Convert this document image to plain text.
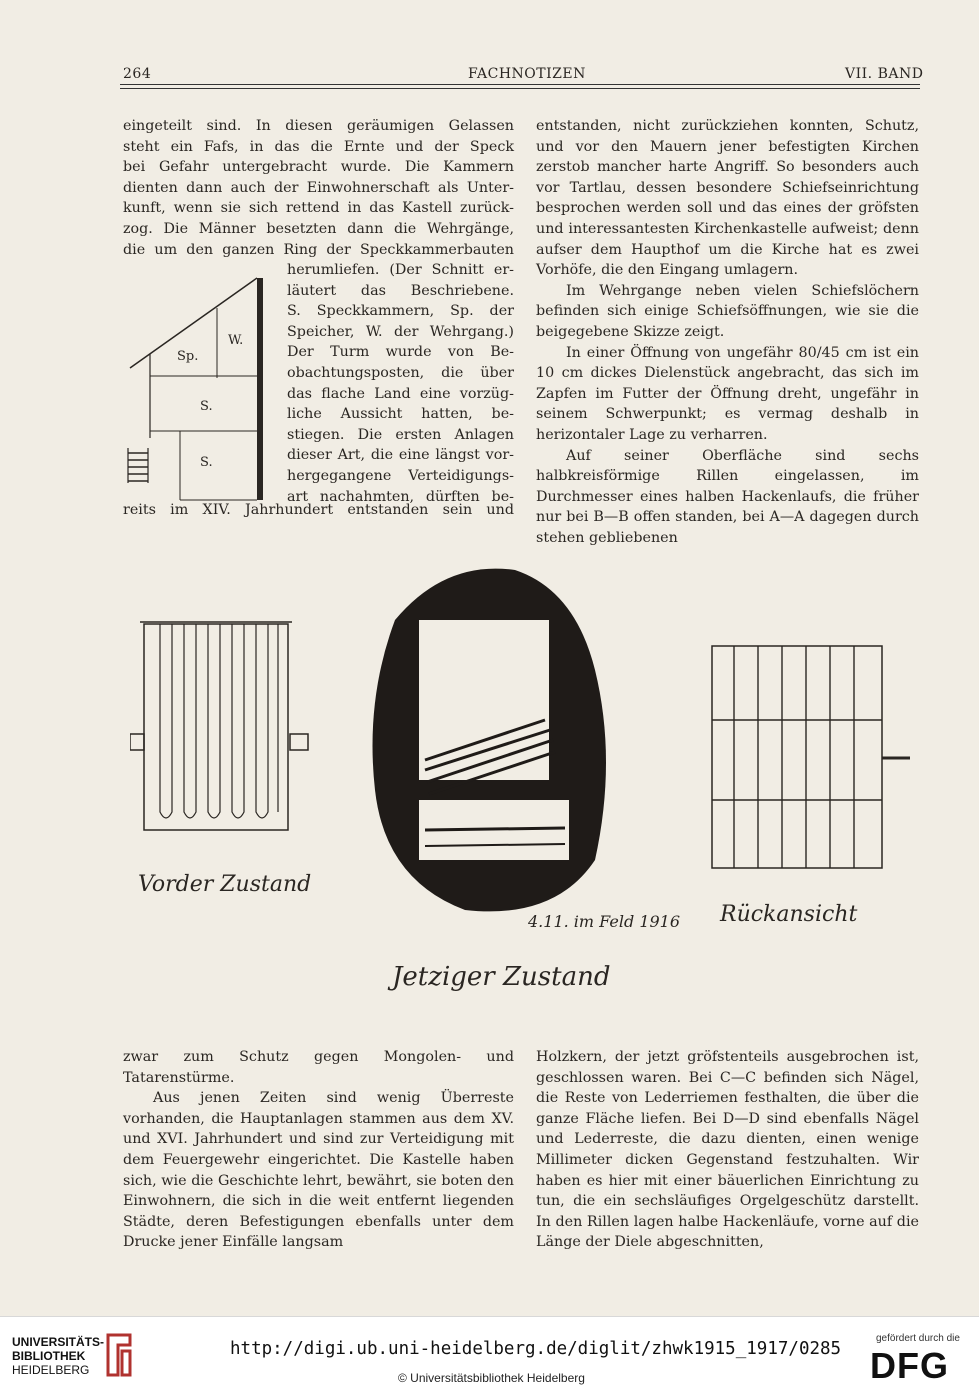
264	FACHNOTIZEN	VII. BAND
eingeteilt sind. In diesen geräumigen Gelassen
steht ein Fafs, in das die Ernte und der Speck
bei Gefahr untergebracht wurde. Die Kammern
dienten dann auch der Einwohnerschaft als Unter-
kunft, wenn sie sich rettend in das Kastell zurück-
zog. Die Männer besetzten dann die Wehrgänge,
die um den ganzen Ring der Speckkammerbauten
herumliefen. (Der Schnitt er-
läutert das Beschriebene.
S. Speckkammern, Sp. der
Speicher, W. der Wehrgang.)
Der Turm wurde von Be-
obachtungsposten, die über
das flache Land eine vorzüg-
liche Aussicht hatten, be-
stiegen. Die ersten Anlagen
dieser Art, die eine längst vor-
hergegangene Verteidigungs-
art nachahmten, dürften be-

reits im XIV. Jahrhundert entstanden sein und

W.
Sp.
S.
S.

entstanden, nicht zurückziehen konnten, Schutz, und vor den Mauern jener befestigten Kirchen zerstob mancher harte Angriff. So besonders auch vor Tartlau, dessen besondere Schiefseinrichtung besprochen werden soll und das eines der gröfsten und interessantesten Kirchenkastelle aufweist; denn aufser dem Haupthof um die Kirche hat es zwei Vorhöfe, die den Eingang umlagern.

Im Wehrgange neben vielen Schiefslöchern befinden sich einige Schiefsöffnungen, wie sie die beigegebene Skizze zeigt.

In einer Öffnung von ungefähr 80/45 cm ist ein 10 cm dickes Dielenstück angebracht, das sich im Zapfen im Futter der Öffnung dreht, ungefähr in seinem Schwerpunkt; es vermag deshalb in herizontaler Lage zu verharren.

Auf seiner Oberfläche sind sechs halbkreisförmige Rillen eingelassen, im Durchmesser eines halben Hackenlaufs, die früher nur bei B—B offen standen, bei A—A dagegen durch stehen gebliebenen

Vorder Zustand
4.11. im Feld 1916
Jetziger Zustand
Rückansicht

zwar zum Schutz gegen Mongolen- und Tatarenstürme.

Aus jenen Zeiten sind wenig Überreste vorhanden, die Hauptanlagen stammen aus dem XV. und XVI. Jahrhundert und sind zur Verteidigung mit dem Feuergewehr eingerichtet. Die Kastelle haben sich, wie die Geschichte lehrt, bewährt, sie boten den Einwohnern, die sich in die weit entfernt liegenden Städte, deren Befestigungen ebenfalls unter dem Drucke jener Einfälle langsam

Holzkern, der jetzt gröfstenteils ausgebrochen ist, geschlossen waren. Bei C—C befinden sich Nägel, die Reste von Lederriemen festhalten, die über die ganze Fläche liefen. Bei D—D sind ebenfalls Nägel und Lederreste, die dazu dienten, einen wenige Millimeter dicken Gegenstand festzuhalten. Wir haben es hier mit einer bäuerlichen Einrichtung zu tun, die ein sechsläufiges Orgelgeschütz darstellt. In den Rillen lagen halbe Hackenläufe, vorne auf die Länge der Diele abgeschnitten,

UNIVERSITÄTS-
BIBLIOTHEK
HEIDELBERG
http://digi.ub.uni-heidelberg.de/diglit/zhwk1915_1917/0285
© Universitätsbibliothek Heidelberg
gefördert durch die
DFG
